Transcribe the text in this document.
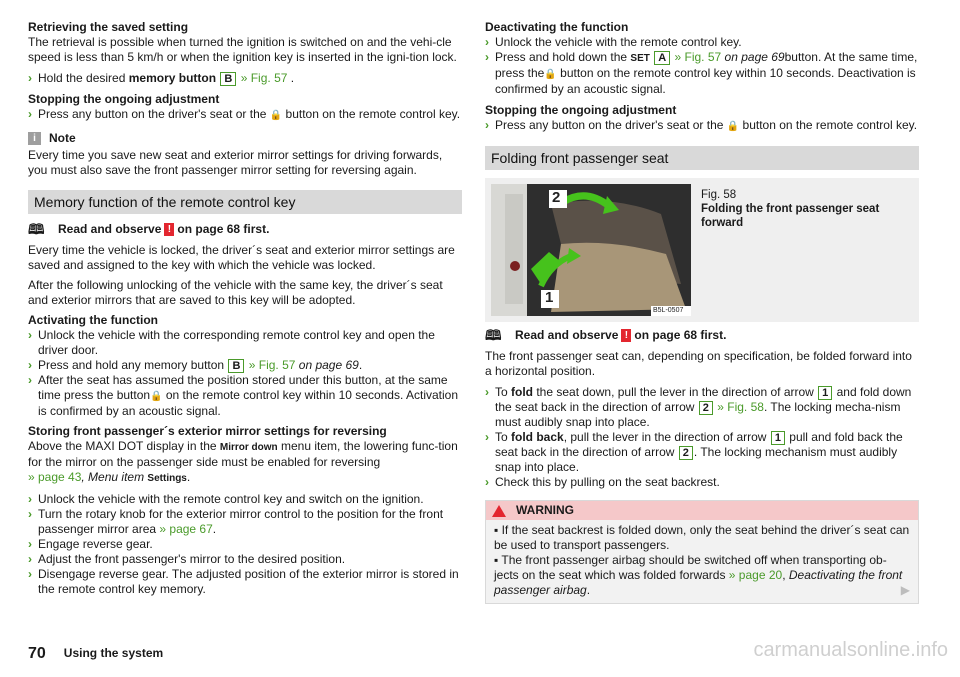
Retrieving the saved setting

The retrieval is possible when turned the ignition is switched on and the vehi-cle speed is less than 5 km/h or when the ignition key is inserted in the igni-tion lock.

› Hold the desired memory button B » Fig. 57 .

Stopping the ongoing adjustment

› Press any button on the driver's seat or the 🔒 button on the remote control key.
i	Note

Every time you save new seat and exterior mirror settings for driving forwards, you must also save the front passenger mirror setting for reversing again.

Memory function of the remote control key
🕮 Read and observe ! on page 68 first.

Every time the vehicle is locked, the driver´s seat and exterior mirror settings are saved and assigned to the key with which the vehicle was locked.

After the following unlocking of the vehicle with the same key, the driver´s seat and exterior mirrors that are saved to this key will be adopted.

Activating the function

› Unlock the vehicle with the corresponding remote control key and open the driver door.
› Press and hold any memory button B » Fig. 57 on page 69.
› After the seat has assumed the position stored under this button, at the same time press the button🔒 on the remote control key within 10 seconds. Activation is confirmed by an acoustic signal.

Storing front passenger´s exterior mirror settings for reversing

Above the MAXI DOT display in the Mirror down menu item, the lowering func-tion for the mirror on the passenger side must be enabled for reversing
» page 43, Menu item Settings.

› Unlock the vehicle with the remote control key and switch on the ignition.
› Turn the rotary knob for the exterior mirror control to the position for the front passenger mirror area » page 67.
› Engage reverse gear.
› Adjust the front passenger's mirror to the desired position.
› Disengage reverse gear. The adjusted position of the exterior mirror is stored in the remote control key memory.

Deactivating the function

› Unlock the vehicle with the remote control key.
› Press and hold down the SET A » Fig. 57 on page 69button. At the same time, press the🔒 button on the remote control key within 10 seconds. Deactivation is confirmed by an acoustic signal.

Stopping the ongoing adjustment

› Press any button on the driver's seat or the 🔒 button on the remote control key.
Folding front passenger seat
2
1
B5L-0507
Fig. 58
Folding the front passenger seat forward
🕮 Read and observe ! on page 68 first.

The front passenger seat can, depending on specification, be folded forward into a horizontal position.

› To fold the seat down, pull the lever in the direction of arrow 1 and fold down the seat back in the direction of arrow 2 » Fig. 58. The locking mecha-nism must audibly snap into place.
› To fold back, pull the lever in the direction of arrow 1 pull and fold back the seat back in the direction of arrow 2 . The locking mechanism must audibly snap into place.
› Check this by pulling on the seat backrest.
WARNING

▪ If the seat backrest is folded down, only the seat behind the driver´s seat can be used to transport passengers.

▪ The front passenger airbag should be switched off when transporting ob-jects on the seat which was folded forwards » page 20, Deactivating the front passenger airbag.	▶

70 Using the system	carmanualsonline.info
